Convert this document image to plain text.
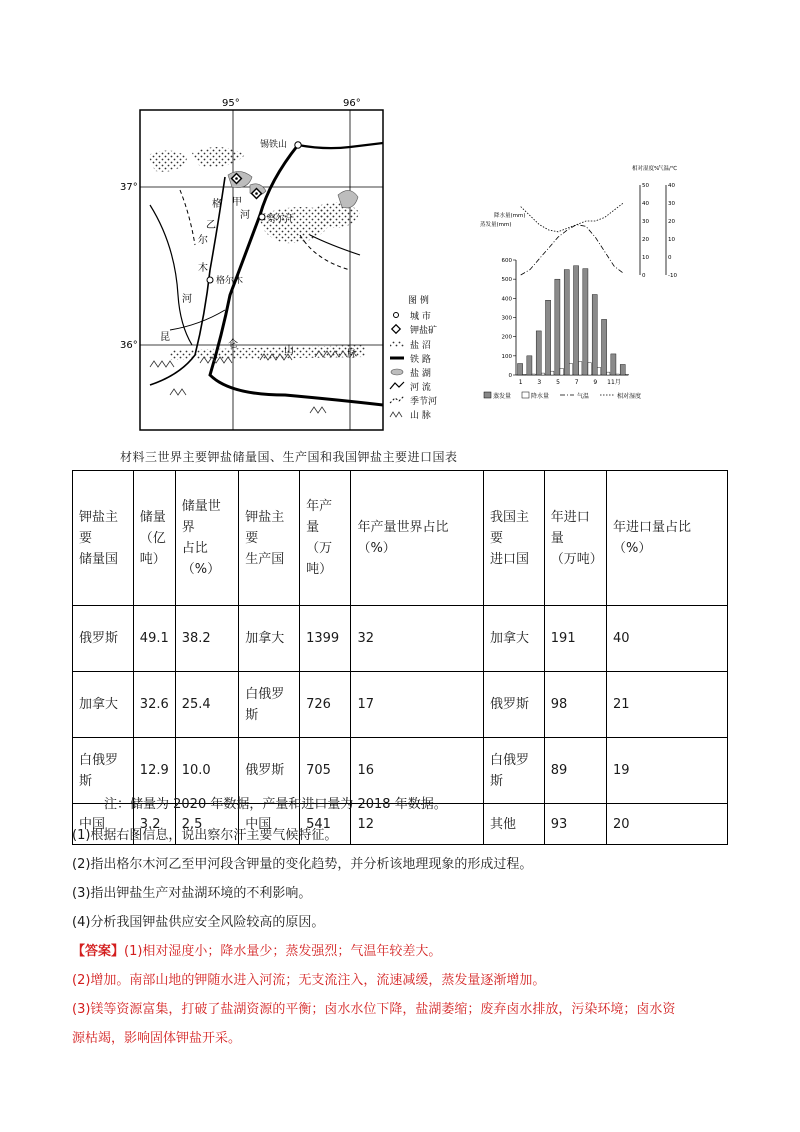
95°	96°
37°
36°
锡铁山
察尔汗
格尔木
格 甲
河
尔
乙
木
河
昆
仑
山	脉
图 例
城 市
钾盐矿
盐 沼
铁 路
盐 湖
河 流
季节河
山 脉
相对湿度%
气温/℃
蒸发量(mm)
降水量(mm)
0
100
200
300
400
500
600
0
10
20
30
40
50
-10
0
10
20
30
40
1 3 5 7 9 11月
蒸发量	降水量	气温	相对湿度
材料三世界主要钾盐储量国、生产国和我国钾盐主要进口国表
钾盐主要
储量国	储量
（亿
吨）	储量世界
占比
（%）	钾盐主要
生产国	年产量
（万
吨）	年产量世界占比（%）	我国主要
进口国	年进口量
（万吨）	年进口量占比（%）
俄罗斯	49.1	38.2	加拿大	1399	32	加拿大	191	40
加拿大	32.6	25.4	白俄罗斯	726	17	俄罗斯	98	21
白俄罗斯	12.9	10.0	俄罗斯	705	16	白俄罗斯	89	19
中国	3.2	2.5	中国	541	12	其他	93	20
注：储量为 2020 年数据，产量和进口量为 2018 年数据。
(1)根据右图信息，说出察尔汗主要气候特征。
(2)指出格尔木河乙至甲河段含钾量的变化趋势，并分析该地理现象的形成过程。
(3)指出钾盐生产对盐湖环境的不利影响。
(4)分析我国钾盐供应安全风险较高的原因。
【答案】(1)相对湿度小；降水量少；蒸发强烈；气温年较差大。
(2)增加。南部山地的钾随水进入河流；无支流注入，流速减缓，蒸发量逐渐增加。
(3)镁等资源富集，打破了盐湖资源的平衡；卤水水位下降，盐湖萎缩；废弃卤水排放，污染环境；卤水资
源枯竭，影响固体钾盐开采。
